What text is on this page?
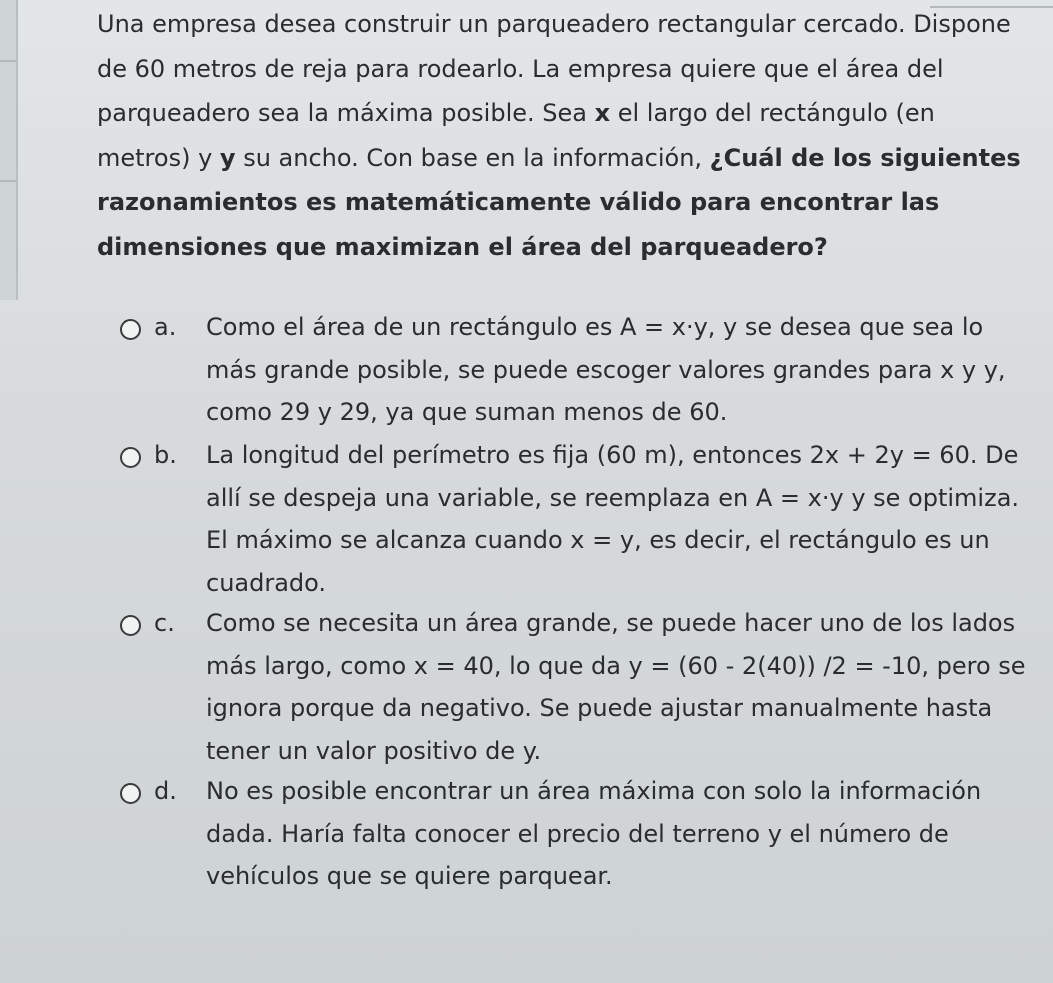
Una empresa desea construir un parqueadero rectangular cercado. Dispone de 60 metros de reja para rodearlo. La empresa quiere que el área del parqueadero sea la máxima posible. Sea x el largo del rectángulo (en metros) y y su ancho. Con base en la información, ¿Cuál de los siguientes razonamientos es matemáticamente válido para encontrar las dimensiones que maximizan el área del parqueadero?

a. Como el área de un rectángulo es A = x·y, y se desea que sea lo más grande posible, se puede escoger valores grandes para x y y, como 29 y 29, ya que suman menos de 60.
b. La longitud del perímetro es fija (60 m), entonces 2x + 2y = 60. De allí se despeja una variable, se reemplaza en A = x·y y se optimiza. El máximo se alcanza cuando x = y, es decir, el rectángulo es un cuadrado.
c. Como se necesita un área grande, se puede hacer uno de los lados más largo, como x = 40, lo que da y = (60 - 2(40)) /2 = -10, pero se ignora porque da negativo. Se puede ajustar manualmente hasta tener un valor positivo de y.
d. No es posible encontrar un área máxima con solo la información dada. Haría falta conocer el precio del terreno y el número de vehículos que se quiere parquear.
